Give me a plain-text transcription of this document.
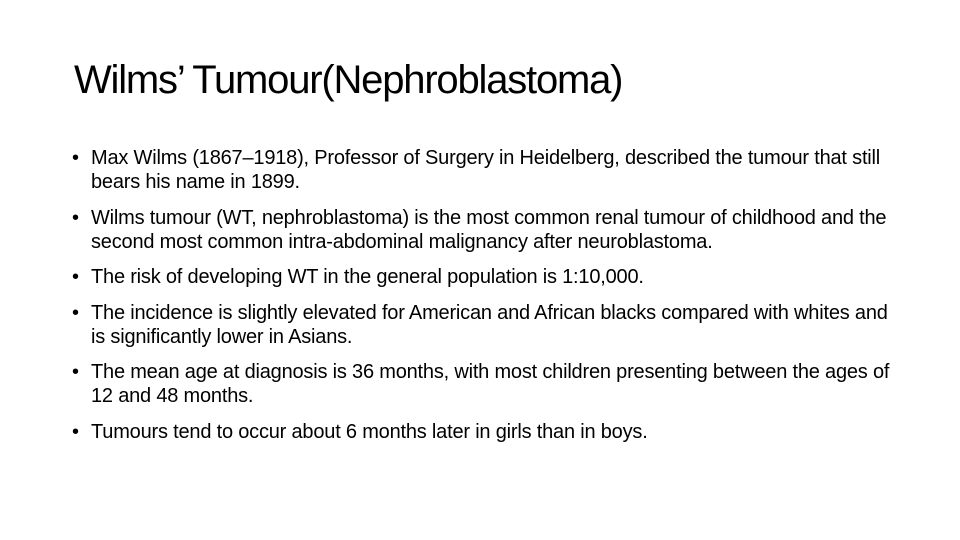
Wilms’ Tumour(Nephroblastoma)
• Max Wilms (1867–1918), Professor of Surgery in Heidelberg, described the tumour that still bears his name in 1899.
• Wilms tumour (WT, nephroblastoma) is the most common renal tumour of childhood and the second most common intra-abdominal malignancy after neuroblastoma.
• The risk of developing WT in the general population is 1:10,000.
• The incidence is slightly elevated for American and African blacks compared with whites and is significantly lower in Asians.
• The mean age at diagnosis is 36 months, with most children presenting between the ages of 12 and 48 months.
• Tumours tend to occur about 6 months later in girls than in boys.
